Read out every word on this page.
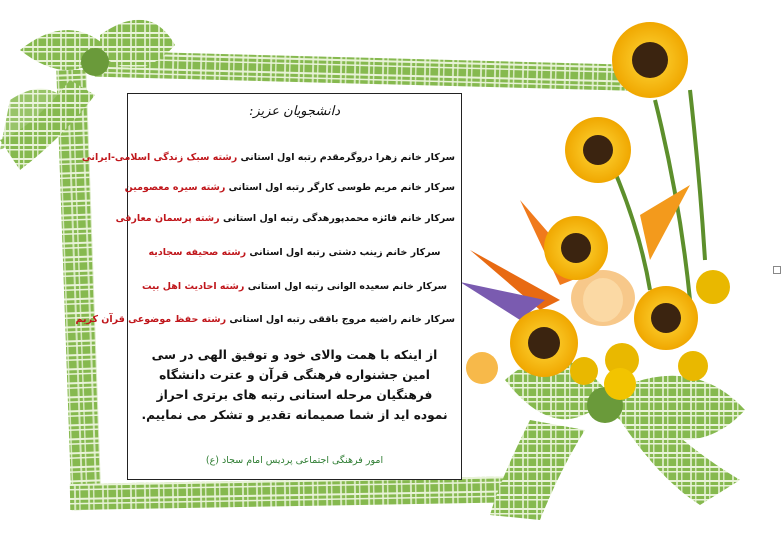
دانشجویان عزیز:
سرکار خانم زهرا دروگرمقدم رتبه اول استانی رشته سبک زندگی اسلامی-ایرانی
سرکار خانم مریم طوسی کارگر رتبه اول استانی رشته سیره معصومین
سرکار خانم فائزه محمدپورهدگی رتبه اول استانی رشته پرسمان معارفی
سرکار خانم زینب دشتی رتبه اول استانی رشته صحیفه سجادیه
سرکار خانم سعیده الوانی رتبه اول استانی رشته احادیث اهل بیت
سرکار خانم راضیه مروج باققی رتبه اول استانی رشته حفظ موضوعی قرآن کریم
از اینکه با همت والای خود و توفیق الهی در سی امین جشنواره فرهنگی قرآن و عترت دانشگاه فرهنگیان مرحله استانی رتبه های برتری احراز نموده اید از شما صمیمانه تقدیر و تشکر می نماییم.
امور فرهنگی اجتماعی پردیس امام سجاد (ع)
